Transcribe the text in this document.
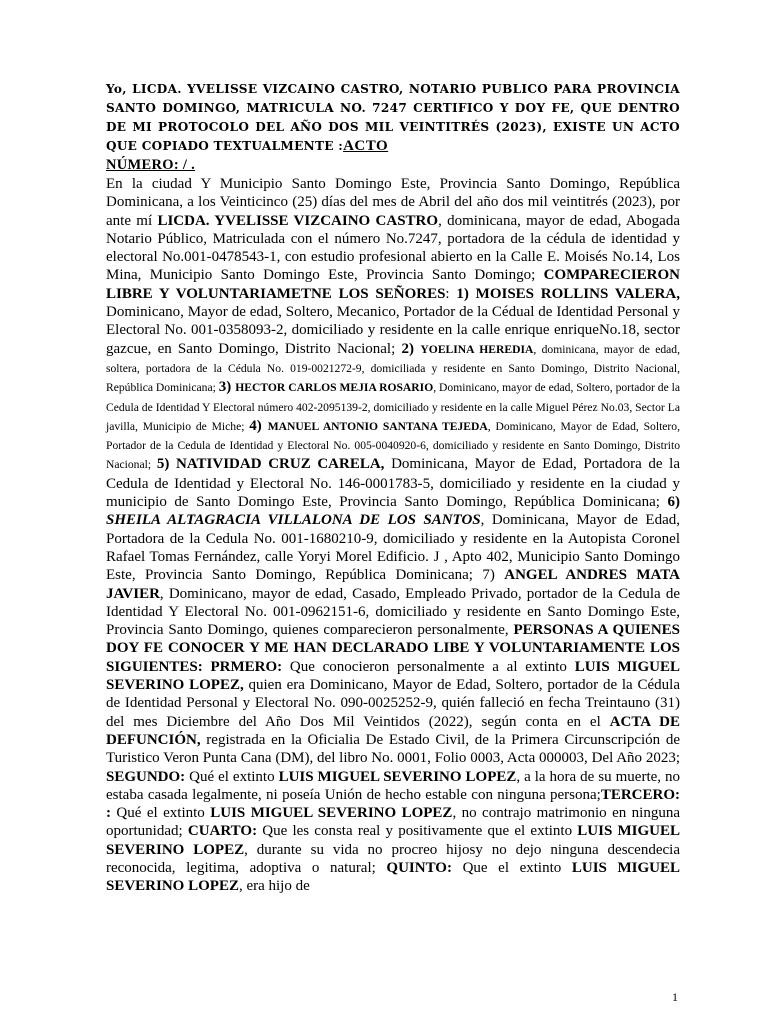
Yo, LICDA. YVELISSE VIZCAINO CASTRO, NOTARIO PUBLICO PARA PROVINCIA SANTO DOMINGO, MATRICULA NO. 7247 CERTIFICO Y DOY FE, QUE DENTRO DE MI PROTOCOLO DEL AÑO DOS MIL VEINTITRÉS (2023), EXISTE UN ACTO QUE COPIADO TEXTUALMENTE :ACTO
NÚMERO: / .
En la ciudad Y Municipio Santo Domingo Este, Provincia Santo Domingo, República Dominicana, a los Veinticinco (25) días del mes de Abril del año dos mil veintitrés (2023), por ante mí LICDA. YVELISSE VIZCAINO CASTRO, dominicana, mayor de edad, Abogada Notario Público, Matriculada con el número No.7247, portadora de la cédula de identidad y electoral No.001-0478543-1, con estudio profesional abierto en la Calle E. Moisés No.14, Los Mina, Municipio Santo Domingo Este, Provincia Santo Domingo; COMPARECIERON LIBRE Y VOLUNTARIAMETNE LOS SEÑORES: 1) MOISES ROLLINS VALERA, Dominicano, Mayor de edad, Soltero, Mecanico, Portador de la Cédual de Identidad Personal y Electoral No. 001-0358093-2, domiciliado y residente en la calle enrique enriqueNo.18, sector gazcue, en Santo Domingo, Distrito Nacional; 2) YOELINA HEREDIA, dominicana, mayor de edad, soltera, portadora de la Cédula No. 019-0021272-9, domiciliada y residente en Santo Domingo, Distrito Nacional, República Dominicana; 3) HECTOR CARLOS MEJIA ROSARIO, Dominicano, mayor de edad, Soltero, portador de la Cedula de Identidad Y Electoral número 402-2095139-2, domiciliado y residente en la calle Miguel Pérez No.03, Sector La javilla, Municipio de Miche; 4) MANUEL ANTONIO SANTANA TEJEDA, Dominicano, Mayor de Edad, Soltero, Portador de la Cedula de Identidad y Electoral No. 005-0040920-6, domiciliado y residente en Santo Domingo, Distrito Nacional; 5) NATIVIDAD CRUZ CARELA, Dominicana, Mayor de Edad, Portadora de la Cedula de Identidad y Electoral No. 146-0001783-5, domiciliado y residente en la ciudad y municipio de Santo Domingo Este, Provincia Santo Domingo, República Dominicana; 6) SHEILA ALTAGRACIA VILLALONA DE LOS SANTOS, Dominicana, Mayor de Edad, Portadora de la Cedula No. 001-1680210-9, domiciliado y residente en la Autopista Coronel Rafael Tomas Fernández, calle Yoryi Morel Edificio. J , Apto 402, Municipio Santo Domingo Este, Provincia Santo Domingo, República Dominicana; 7) ANGEL ANDRES MATA JAVIER, Dominicano, mayor de edad, Casado, Empleado Privado, portador de la Cedula de Identidad Y Electoral No. 001-0962151-6, domiciliado y residente en Santo Domingo Este, Provincia Santo Domingo, quienes comparecieron personalmente, PERSONAS A QUIENES DOY FE CONOCER Y ME HAN DECLARADO LIBE Y VOLUNTARIAMENTE LOS SIGUIENTES: PRMERO: Que conocieron personalmente a al extinto LUIS MIGUEL SEVERINO LOPEZ, quien era Dominicano, Mayor de Edad, Soltero, portador de la Cédula de Identidad Personal y Electoral No. 090-0025252-9, quién falleció en fecha Treintauno (31) del mes Diciembre del Año Dos Mil Veintidos (2022), según conta en el ACTA DE DEFUNCIÓN, registrada en la Oficialia De Estado Civil, de la Primera Circunscripción de Turistico Veron Punta Cana (DM), del libro No. 0001, Folio 0003, Acta 000003, Del Año 2023; SEGUNDO: Qué el extinto LUIS MIGUEL SEVERINO LOPEZ, a la hora de su muerte, no estaba casada legalmente, ni poseía Unión de hecho estable con ninguna persona;TERCERO: : Qué el extinto LUIS MIGUEL SEVERINO LOPEZ, no contrajo matrimonio en ninguna oportunidad; CUARTO: Que les consta real y positivamente que el extinto LUIS MIGUEL SEVERINO LOPEZ, durante su vida no procreo hijosy no dejo ninguna descendecia reconocida, legitima, adoptiva o natural; QUINTO: Que el extinto LUIS MIGUEL SEVERINO LOPEZ, era hijo de
1
